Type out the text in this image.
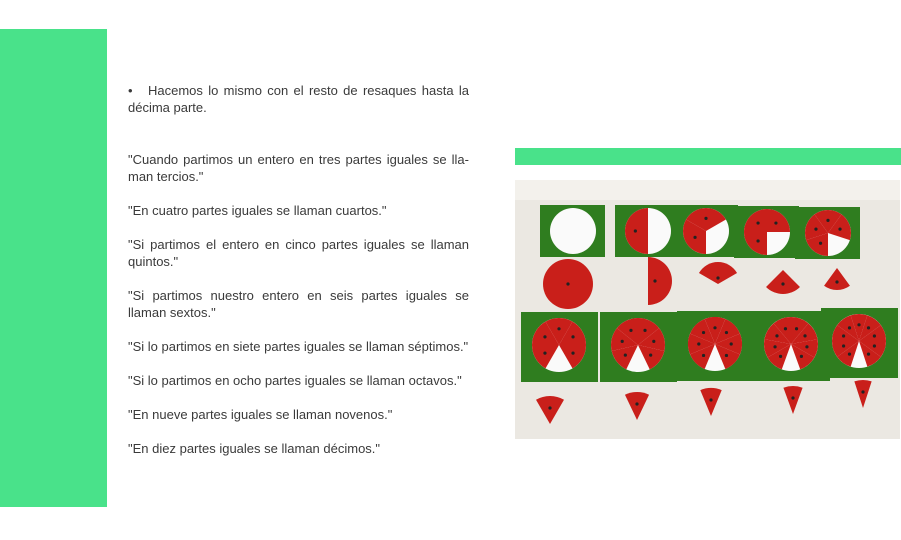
• Hacemos lo mismo con el resto de resaques hasta la décima parte.

"Cuando partimos un entero en tres partes iguales se lla-man tercios."

"En cuatro partes iguales se llaman cuartos."

"Si partimos el entero en cinco partes iguales se llaman quintos."

"Si partimos nuestro entero en seis partes iguales se llaman sextos."

"Si lo partimos en siete partes iguales se llaman séptimos."

"Si lo partimos en ocho partes iguales se llaman octavos."

"En nueve partes iguales se llaman novenos."

"En diez partes iguales se llaman décimos."
